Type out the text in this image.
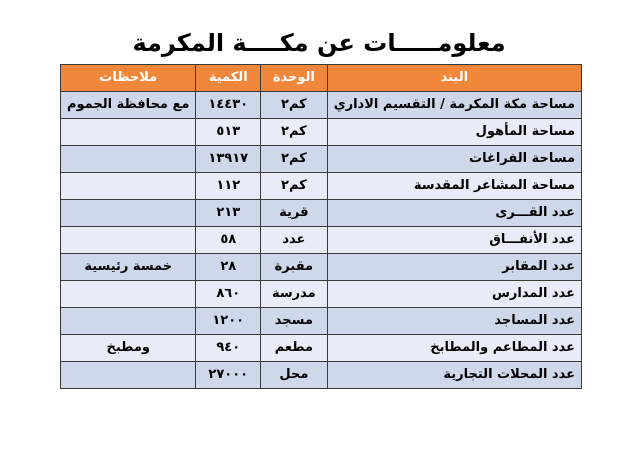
معلومـــــات عن مكــــة المكرمة
البند	الوحدة	الكمية	ملاحظات
مساحة مكة المكرمة / التقسيم الاداري	كم٢	١٤٤٣٠	مع محافظة الجموم
مساحة المأهول	كم٢	٥١٣	
مساحة الفراغات	كم٢	١٣٩١٧	
مساحة المشاعر المقدسة	كم٢	١١٢	
عدد القـــرى	قرية	٢١٣	
عدد الأنفـــاق	عدد	٥٨	
عدد المقابر	مقبرة	٢٨	خمسة رئيسية
عدد المدارس	مدرسة	٨٦٠	
عدد المساجد	مسجد	١٢٠٠	
عدد المطاعم والمطابخ	مطعم	٩٤٠	ومطبخ
عدد المحلات التجارية	محل	٢٧٠٠٠	
